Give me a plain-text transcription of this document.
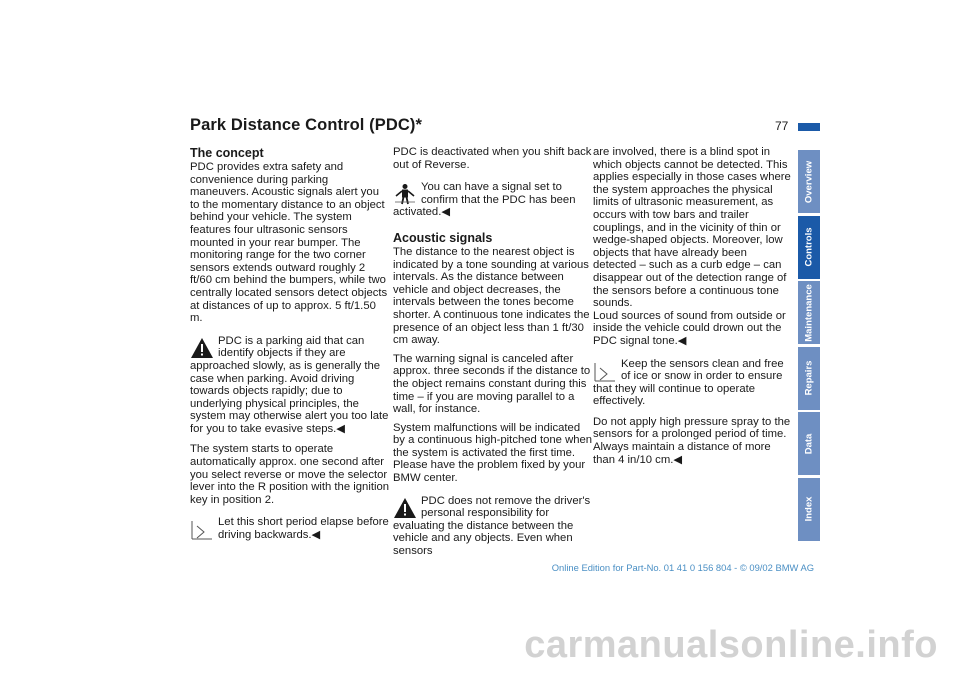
Park Distance Control (PDC)*	77
The concept

PDC provides extra safety and convenience during parking maneuvers. Acoustic signals alert you to the momentary distance to an object behind your vehicle. The system features four ultrasonic sensors mounted in your rear bumper. The monitoring range for the two corner sensors extends outward roughly 2 ft/60 cm behind the bumpers, while two centrally located sensors detect objects at distances of up to approx. 5 ft/1.50 m.

PDC is a parking aid that can identify objects if they are approached slowly, as is generally the case when parking. Avoid driving towards objects rapidly; due to underlying physical principles, the system may otherwise alert you too late for you to take evasive steps.◀

The system starts to operate automatically approx. one second after you select reverse or move the selector lever into the R position with the ignition key in position 2.

Let this short period elapse before driving backwards.◀

PDC is deactivated when you shift back out of Reverse.

You can have a signal set to confirm that the PDC has been activated.◀
Acoustic signals

The distance to the nearest object is indicated by a tone sounding at various intervals. As the distance between vehicle and object decreases, the intervals between the tones become shorter. A continuous tone indicates the presence of an object less than 1 ft/30 cm away.

The warning signal is canceled after approx. three seconds if the distance to the object remains constant during this time – if you are moving parallel to a wall, for instance.

System malfunctions will be indicated by a continuous high-pitched tone when the system is activated the first time. Please have the problem fixed by your BMW center.

PDC does not remove the driver's personal responsibility for evaluating the distance between the vehicle and any objects. Even when sensors

are involved, there is a blind spot in which objects cannot be detected. This applies especially in those cases where the system approaches the physical limits of ultrasonic measurement, as occurs with tow bars and trailer couplings, and in the vicinity of thin or wedge-shaped objects. Moreover, low objects that have already been detected – such as a curb edge – can disappear out of the detection range of the sensors before a continuous tone sounds.

Loud sources of sound from outside or inside the vehicle could drown out the PDC signal tone.◀

Keep the sensors clean and free of ice or snow in order to ensure that they will continue to operate effectively.

Do not apply high pressure spray to the sensors for a prolonged period of time. Always maintain a distance of more than 4 in/10 cm.◀

Overview
Controls
Maintenance
Repairs
Data
Index
Online Edition for Part-No. 01 41 0 156 804 - © 09/02 BMW AG
carmanualsonline.info
